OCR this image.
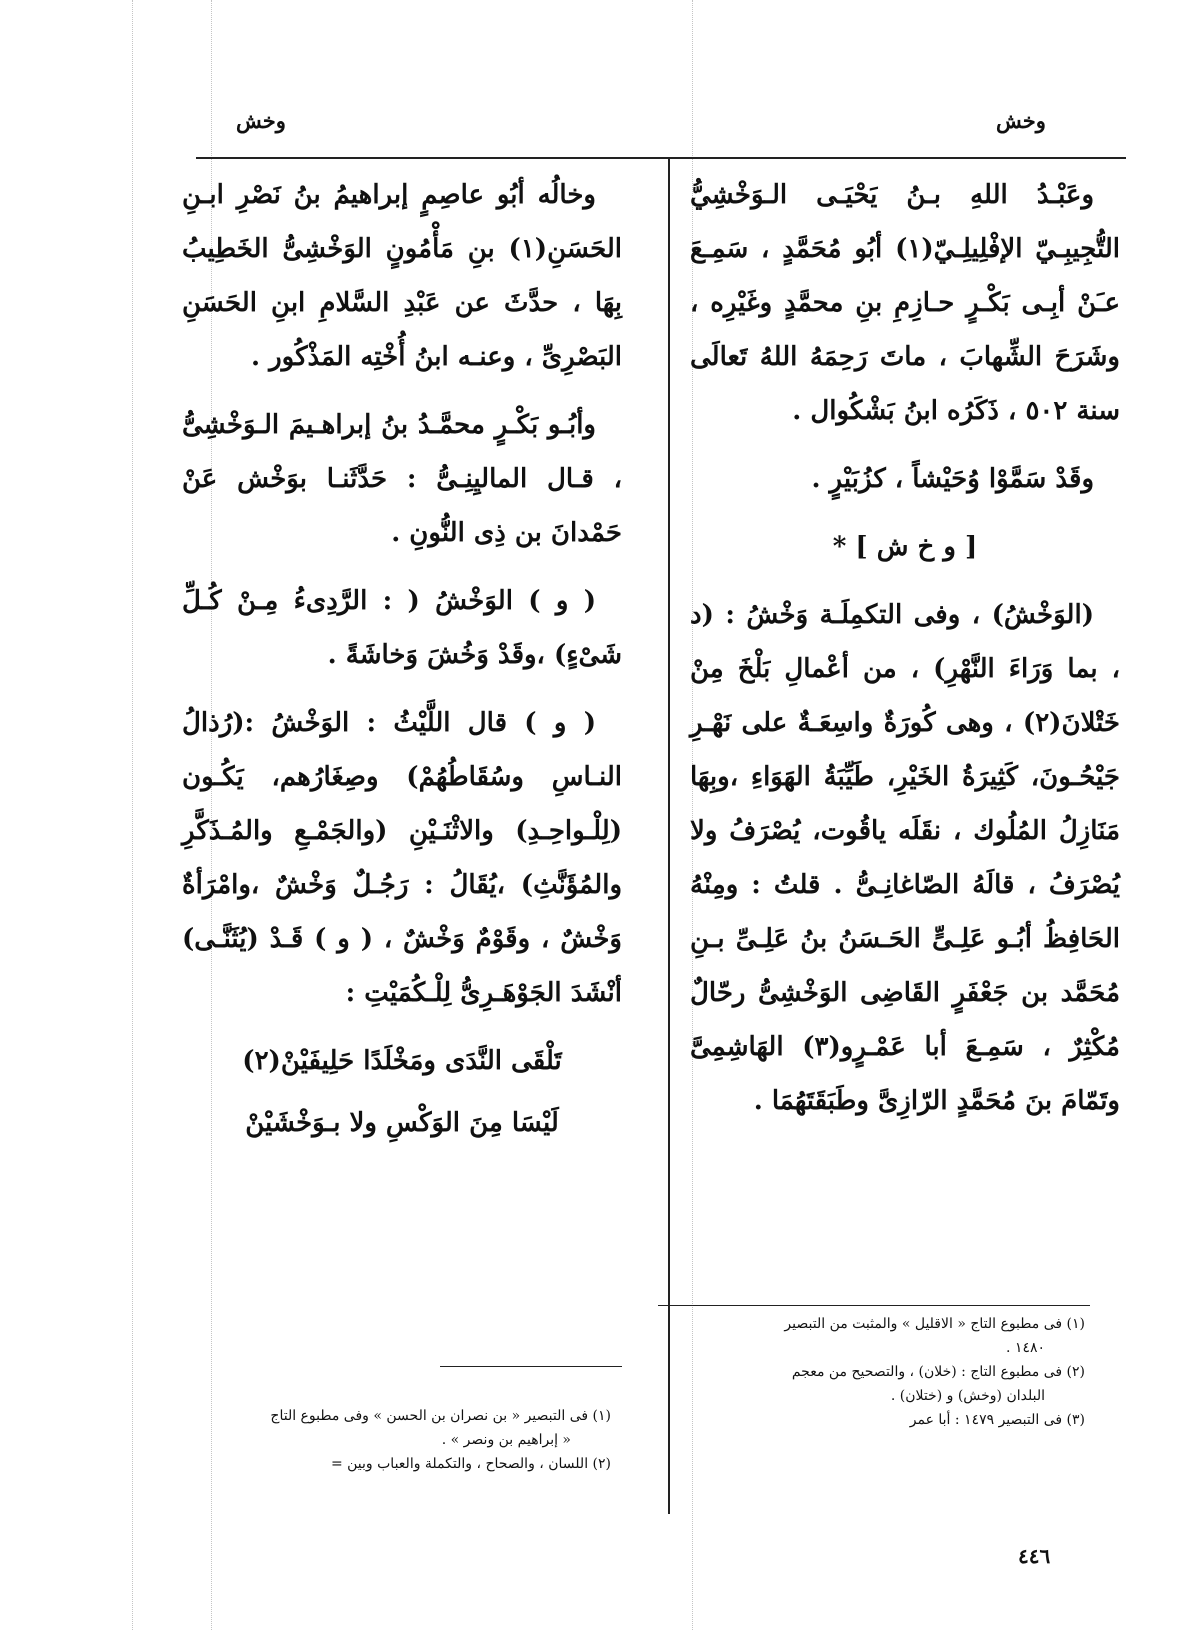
وخش	وخش

وعَبْـدُ اللهِ بـنُ يَحْيَـى الـوَخْشِيُّ التُّجِيبِـيّ الإفْلِيلِـيّ(١) أبُو مُحَمَّدٍ ، سَمِـعَ عـَنْ أبِـى بَكْـرٍ حـازِمِ بنِ محمَّدٍ وغَيْرِه ، وشَرَحَ الشِّهابَ ، ماتَ رَحِمَهُ اللهُ تَعالَى سنة ٥٠٢ ، ذَكَرُه ابنُ بَشْكُوال .

وقَدْ سَمَّوْا وُحَيْشاً ، كزُبَيْرٍ .

[ و خ ش ] *

(الوَخْشُ) ، وفى التكمِلَـة وَخْشُ : (د ، بما وَرَاءَ النَّهْرِ) ، من أعْمالِ بَلْخَ مِنْ خَتْلانَ(٢) ، وهى كُورَةٌ واسِعَـةٌ على نَهْـرِ جَيْحُـونَ، كَثِيرَةُ الخَيْرِ، طَيِّبَةُ الهَوَاءِ ،وبِهَا مَنَازِلُ المُلُوك ، نقَلَه ياقُوت، يُصْرَفُ ولا يُصْرَفُ ، قالَهُ الصّاغانِـىُّ . قلتُ : ومِنْهُ الحَافِظُ أبُـو عَلِـىٍّ الحَـسَنُ بنُ عَلِـىِّ بـنِ مُحَمَّد بن جَعْفَرٍ القَاضِى الوَخْشِىُّ رحّالٌ مُكْثِرٌ ، سَمِـعَ أبا عَمْـرٍو(٣) الهَاشِمِىَّ وتَمّامَ بنَ مُحَمَّدٍ الرّازِىَّ وطَبَقَتَهُمَا .

وخالُه أبُو عاصِمٍ إبراهيمُ بنُ نَصْرِ ابـنِ الحَسَنِ(١) بنِ مَأْمُونٍ الوَخْشِىُّ الخَطِيبُ بِهَا ، حدَّثَ عن عَبْدِ السَّلامِ ابنِ الحَسَنِ البَصْرِىِّ ، وعنـه ابنُ أُخْتِه المَذْكُور .

وأبُـو بَكْـرٍ محمَّـدُ بنُ إبراهـيمَ الـوَخْشِىُّ ، قـال الماليِنِـىُّ : حَدَّثَنـا بوَخْش عَنْ حَمْدانَ بن ذِى النُّونِ .

( و ) الوَخْشُ ( : الرَّدِىءُ مِـنْ كُـلِّ شَىْءٍ) ،وقَدْ وَخُشَ وَخاشَةً .

( و ) قال اللَّيْثُ : الوَخْشُ :(رُذالُ النـاسِ وسُقَاطُهُمْ) وصِغَارُهم، يَكُـون (لِلْـواحِـدِ) والاثْنَـيْنِ (والجَمْـعِ والمُـذَكَّرِ والمُؤَنَّثِ) ،يُقَالُ : رَجُـلٌ وَخْشٌ ،وامْرَأةٌ وَخْشٌ ، وقَوْمٌ وَخْشٌ ، ( و ) قَـدْ (يُثَنَّـى) أنْشَدَ الجَوْهَـرِىُّ لِلْـكُمَيْتِ :

تَلْقَى النَّدَى ومَخْلَدًا حَلِيفَيْنْ(٢)
لَيْسَا مِنَ الوَكْسِ ولا بـوَخْشَيْنْ
(١) فى مطبوع التاج « الاقليل » والمثبت من التبصير
١٤٨٠ .
(٢) فى مطبوع التاج : (خلان) ، والتصحيح من معجم
البلدان (وخش) و (ختلان) .
(٣) فى التبصير ١٤٧٩ : أبا عمر
(١) فى التبصير « بن نصران بن الحسن » وفى مطبوع التاج
« إبراهيم بن ونصر » .
(٢) اللسان ، والصحاح ، والتكملة والعباب وبين =
٤٤٦
